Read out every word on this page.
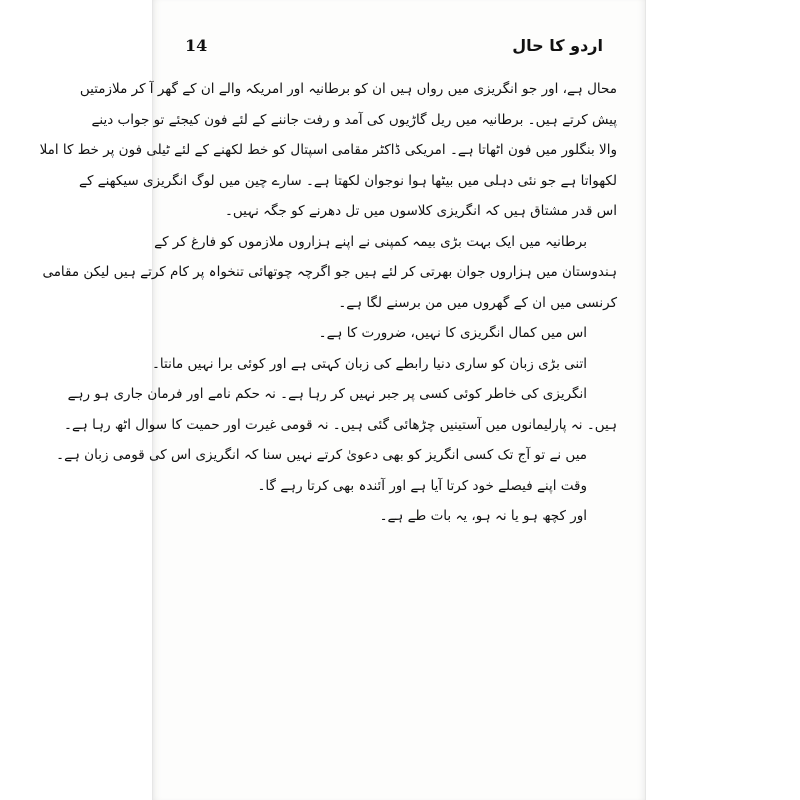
14	اردو کا حال
محال ہے، اور جو انگریزی میں رواں ہیں ان کو برطانیہ اور امریکہ والے ان کے گھر آ کر ملازمتیں
پیش کرتے ہیں۔ برطانیہ میں ریل گاڑیوں کی آمد و رفت جاننے کے لئے فون کیجئے تو جواب دینے
والا بنگلور میں فون اٹھاتا ہے۔ امریکی ڈاکٹر مقامی اسپتال کو خط لکھنے کے لئے ٹیلی فون پر خط کا املا
لکھواتا ہے جو نئی دہلی میں بیٹھا ہوا نوجوان لکھتا ہے۔ سارے چین میں لوگ انگریزی سیکھنے کے
اس قدر مشتاق ہیں کہ انگریزی کلاسوں میں تل دھرنے کو جگہ نہیں۔
برطانیہ میں ایک بہت بڑی بیمہ کمپنی نے اپنے ہزاروں ملازموں کو فارغ کر کے
ہندوستان میں ہزاروں جوان بھرتی کر لئے ہیں جو اگرچہ چوتھائی تنخواہ پر کام کرتے ہیں لیکن مقامی
کرنسی میں ان کے گھروں میں من برسنے لگا ہے۔
اس میں کمال انگریزی کا نہیں، ضرورت کا ہے۔
اتنی بڑی زبان کو ساری دنیا رابطے کی زبان کہتی ہے اور کوئی برا نہیں مانتا۔
انگریزی کی خاطر کوئی کسی پر جبر نہیں کر رہا ہے۔ نہ حکم نامے اور فرمان جاری ہو رہے
ہیں۔ نہ پارلیمانوں میں آستینیں چڑھائی گئی ہیں۔ نہ قومی غیرت اور حمیت کا سوال اٹھ رہا ہے۔
میں نے تو آج تک کسی انگریز کو بھی دعویٰ کرتے نہیں سنا کہ انگریزی اس کی قومی زبان ہے۔
وقت اپنے فیصلے خود کرتا آیا ہے اور آئندہ بھی کرتا رہے گا۔
اور کچھ ہو یا نہ ہو، یہ بات طے ہے۔
